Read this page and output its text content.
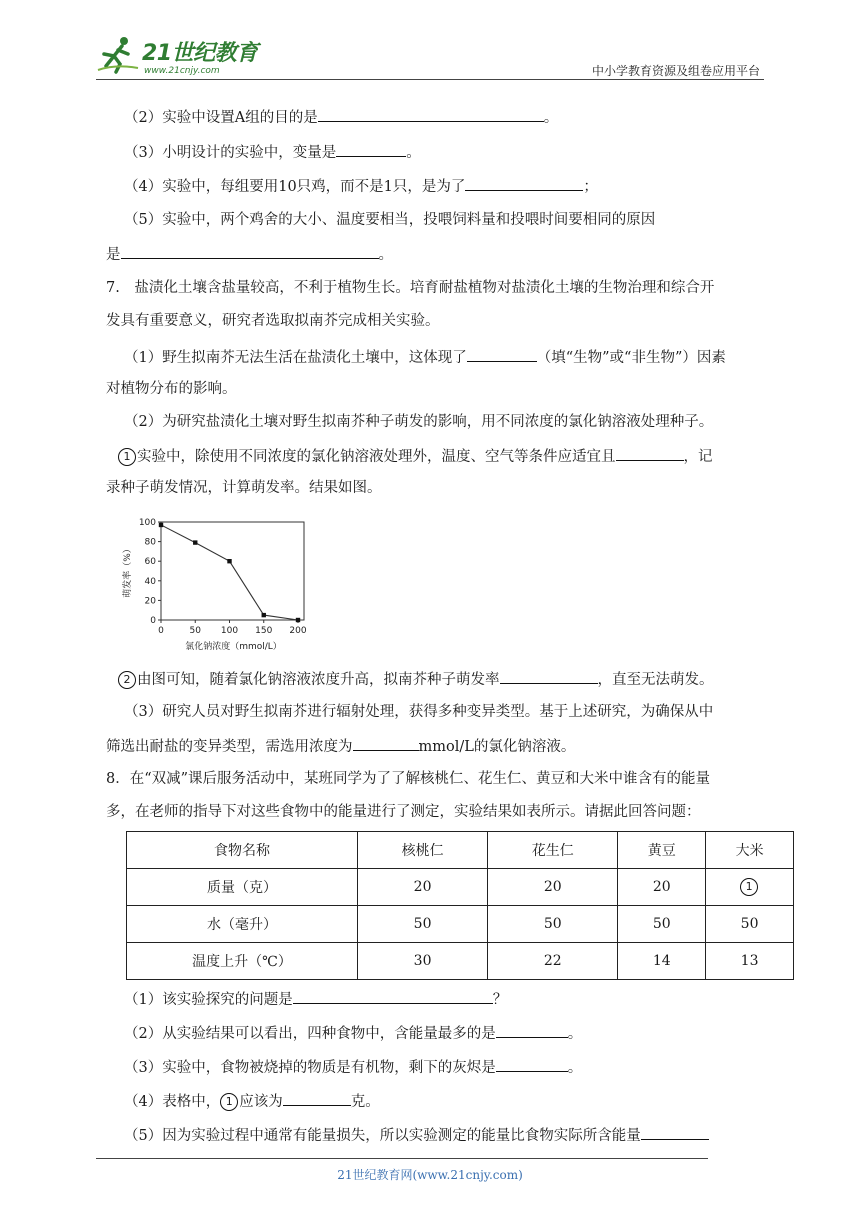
21世纪教育
www.21cnjy.com	中小学教育资源及组卷应用平台
（2）实验中设置A组的目的是	。
（3）小明设计的实验中，变量是	。
（4）实验中，每组要用10只鸡，而不是1只，是为了	；
（5）实验中，两个鸡舍的大小、温度要相当，投喂饲料量和投喂时间要相同的原因
是	。
7.　盐渍化土壤含盐量较高，不利于植物生长。培育耐盐植物对盐渍化土壤的生物治理和综合开
发具有重要意义，研究者选取拟南芥完成相关实验。
（1）野生拟南芥无法生活在盐渍化土壤中，这体现了	（填“生物”或“非生物”）因素
对植物分布的影响。
（2）为研究盐渍化土壤对野生拟南芥种子萌发的影响，用不同浓度的氯化钠溶液处理种子。
1 实验中，除使用不同浓度的氯化钠溶液处理外，温度、空气等条件应适宜且	，记
录种子萌发情况，计算萌发率。结果如图。
0
20
40
60
80
100
0	50 100 150 200
氯化钠浓度（mmol/L）
萌发率（%）
2 由图可知，随着氯化钠溶液浓度升高，拟南芥种子萌发率	，直至无法萌发。
（3）研究人员对野生拟南芥进行辐射处理，获得多种变异类型。基于上述研究，为确保从中
筛选出耐盐的变异类型，需选用浓度为	mmol/L的氯化钠溶液。
8．在“双减”课后服务活动中，某班同学为了了解核桃仁、花生仁、黄豆和大米中谁含有的能量
多，在老师的指导下对这些食物中的能量进行了测定，实验结果如表所示。请据此回答问题：
食物名称	核桃仁	花生仁	黄豆	大米
质量（克）	20	20	20	1
水（毫升）	50	50	50	50
温度上升（℃）	30	22	14	13
（1）该实验探究的问题是	？
（2）从实验结果可以看出，四种食物中，含能量最多的是	。
（3）实验中，食物被烧掉的物质是有机物，剩下的灰烬是	。
（4）表格中， 1 应该为	克。
（5）因为实验过程中通常有能量损失，所以实验测定的能量比食物实际所含能量
21世纪教育网(www.21cnjy.com)
